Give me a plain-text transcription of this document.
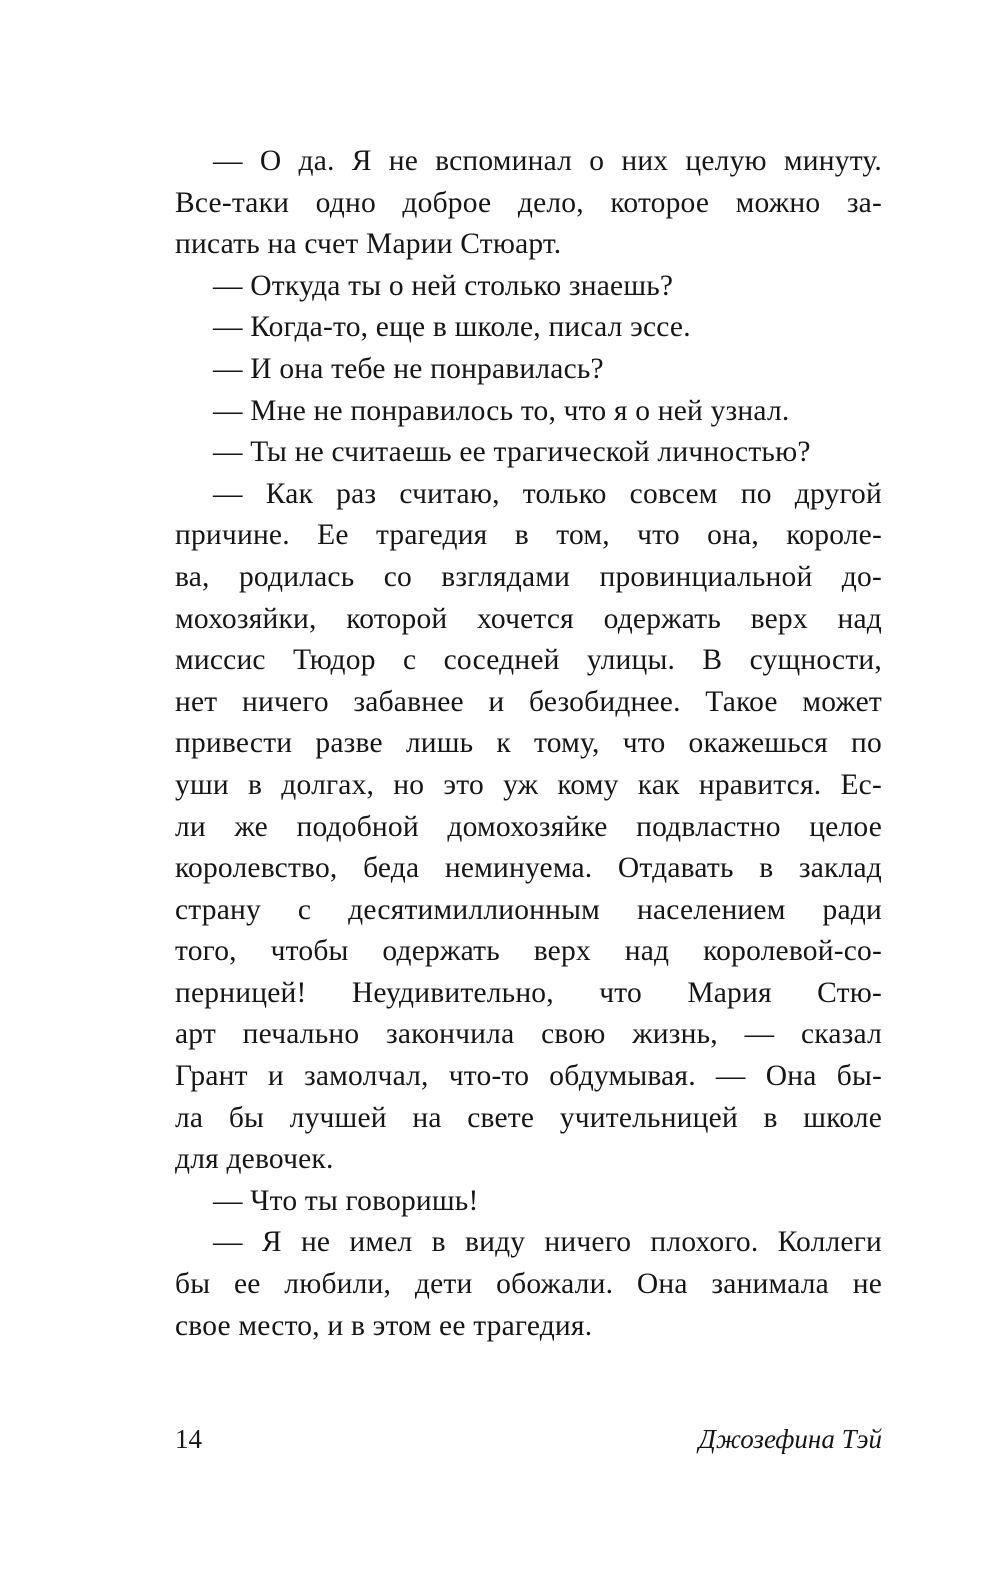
— О да. Я не вспоминал о них целую минуту.
Все-таки одно доброе дело, которое можно за-
писать на счет Марии Стюарт.
— Откуда ты о ней столько знаешь?
— Когда-то, еще в школе, писал эссе.
— И она тебе не понравилась?
— Мне не понравилось то, что я о ней узнал.
— Ты не считаешь ее трагической личностью?
— Как раз считаю, только совсем по другой
причине. Ее трагедия в том, что она, короле-
ва, родилась со взглядами провинциальной до-
мохозяйки, которой хочется одержать верх над
миссис Тюдор с соседней улицы. В сущности,
нет ничего забавнее и безобиднее. Такое может
привести разве лишь к тому, что окажешься по
уши в долгах, но это уж кому как нравится. Ес-
ли же подобной домохозяйке подвластно целое
королевство, беда неминуема. Отдавать в заклад
страну с десятимиллионным населением ради
того, чтобы одержать верх над королевой-со-
перницей! Неудивительно, что Мария Стю-
арт печально закончила свою жизнь, — сказал
Грант и замолчал, что-то обдумывая. — Она бы-
ла бы лучшей на свете учительницей в школе
для девочек.
— Что ты говоришь!
— Я не имел в виду ничего плохого. Коллеги
бы ее любили, дети обожали. Она занимала не
свое место, и в этом ее трагедия.
14	Джозефина Тэй
